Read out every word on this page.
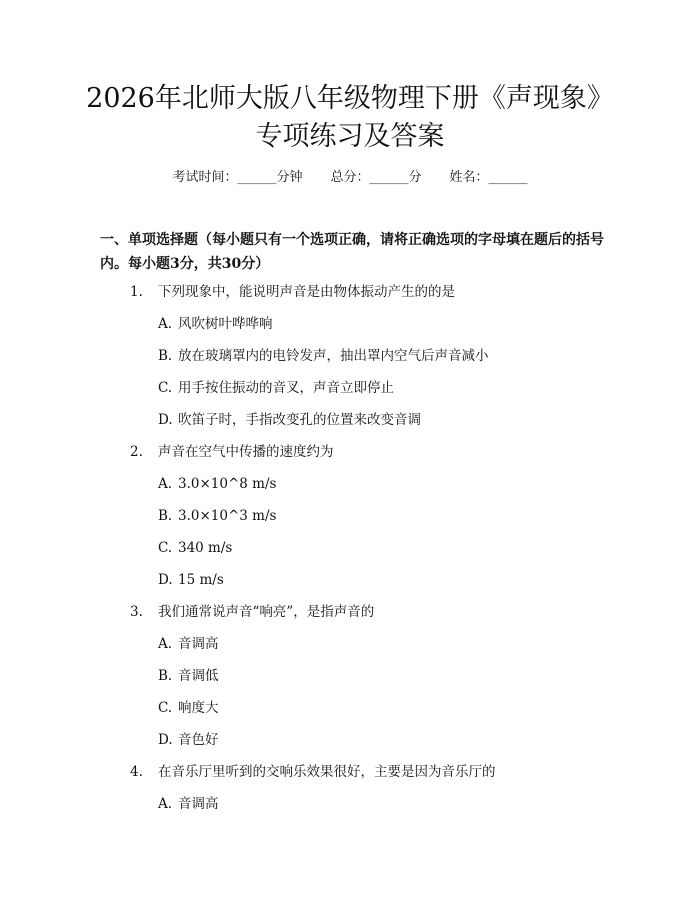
2026年北师大版八年级物理下册《声现象》
专项练习及答案
考试时间：______分钟 总分：______分 姓名：______

一、单项选择题（每小题只有一个选项正确，请将正确选项的字母填在题后的括号内。每小题3分，共30分）

1. 下列现象中，能说明声音是由物体振动产生的的是
A. 风吹树叶哗哗响
B. 放在玻璃罩内的电铃发声，抽出罩内空气后声音减小
C. 用手按住振动的音叉，声音立即停止
D. 吹笛子时，手指改变孔的位置来改变音调
2. 声音在空气中传播的速度约为
A. 3.0×10^8 m/s
B. 3.0×10^3 m/s
C. 340 m/s
D. 15 m/s
3. 我们通常说声音“响亮”，是指声音的
A. 音调高
B. 音调低
C. 响度大
D. 音色好
4. 在音乐厅里听到的交响乐效果很好，主要是因为音乐厅的
A. 音调高
